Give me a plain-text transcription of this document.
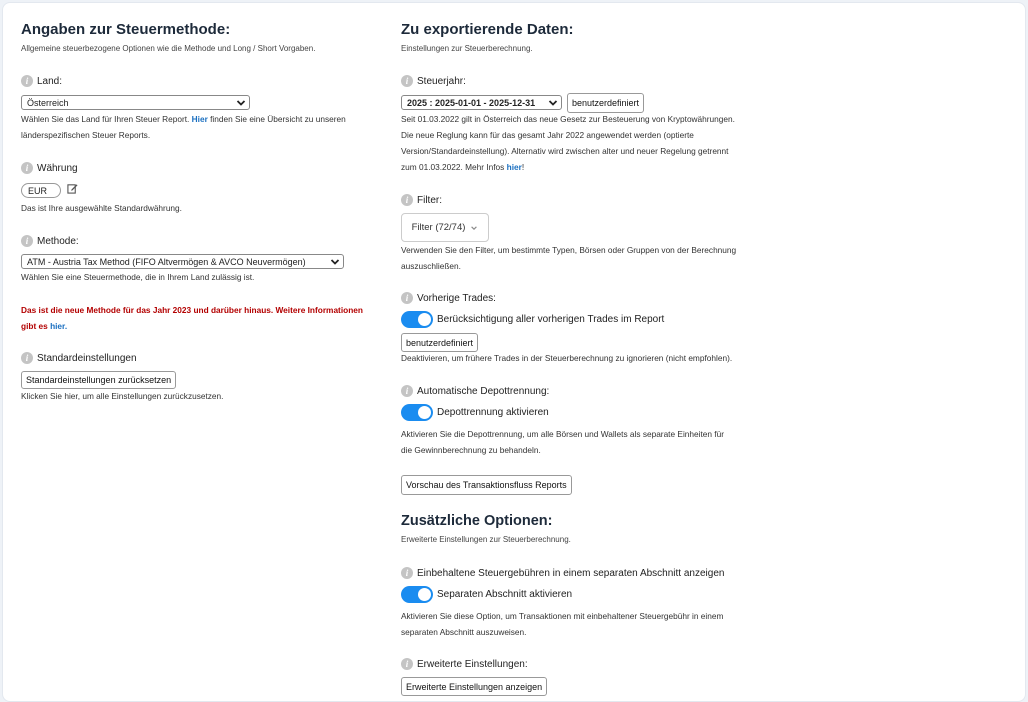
Angaben zur Steuermethode:
Allgemeine steuerbezogene Optionen wie die Methode und Long / Short Vorgaben.
i Land:
Österreich
Wählen Sie das Land für Ihren Steuer Report. Hier finden Sie eine Übersicht zu unseren
länderspezifischen Steuer Reports.
i Währung
EUR
Das ist Ihre ausgewählte Standardwährung.
i Methode:
ATM - Austria Tax Method (FIFO Altvermögen & AVCO Neuvermögen)
Wählen Sie eine Steuermethode, die in Ihrem Land zulässig ist.
Das ist die neue Methode für das Jahr 2023 und darüber hinaus. Weitere Informationen
gibt es hier.
i Standardeinstellungen
Standardeinstellungen zurücksetzen
Klicken Sie hier, um alle Einstellungen zurückzusetzen.
Zu exportierende Daten:
Einstellungen zur Steuerberechnung.
i Steuerjahr:
2025 : 2025-01-01 - 2025-12-31	benutzerdefiniert
Seit 01.03.2022 gilt in Österreich das neue Gesetz zur Besteuerung von Kryptowährungen.
Die neue Reglung kann für das gesamt Jahr 2022 angewendet werden (optierte
Version/Standardeinstellung). Alternativ wird zwischen alter und neuer Regelung getrennt
zum 01.03.2022. Mehr Infos hier!
i Filter:
Filter (72/74)
Verwenden Sie den Filter, um bestimmte Typen, Börsen oder Gruppen von der Berechnung
auszuschließen.
i Vorherige Trades:
Berücksichtigung aller vorherigen Trades im Report
benutzerdefiniert
Deaktivieren, um frühere Trades in der Steuerberechnung zu ignorieren (nicht empfohlen).
i Automatische Depottrennung:
Depottrennung aktivieren
Aktivieren Sie die Depottrennung, um alle Börsen und Wallets als separate Einheiten für
die Gewinnberechnung zu behandeln.
Vorschau des Transaktionsfluss Reports
Zusätzliche Optionen:
Erweiterte Einstellungen zur Steuerberechnung.
i Einbehaltene Steuergebühren in einem separaten Abschnitt anzeigen
Separaten Abschnitt aktivieren
Aktivieren Sie diese Option, um Transaktionen mit einbehaltener Steuergebühr in einem
separaten Abschnitt auszuweisen.
i Erweiterte Einstellungen:
Erweiterte Einstellungen anzeigen
